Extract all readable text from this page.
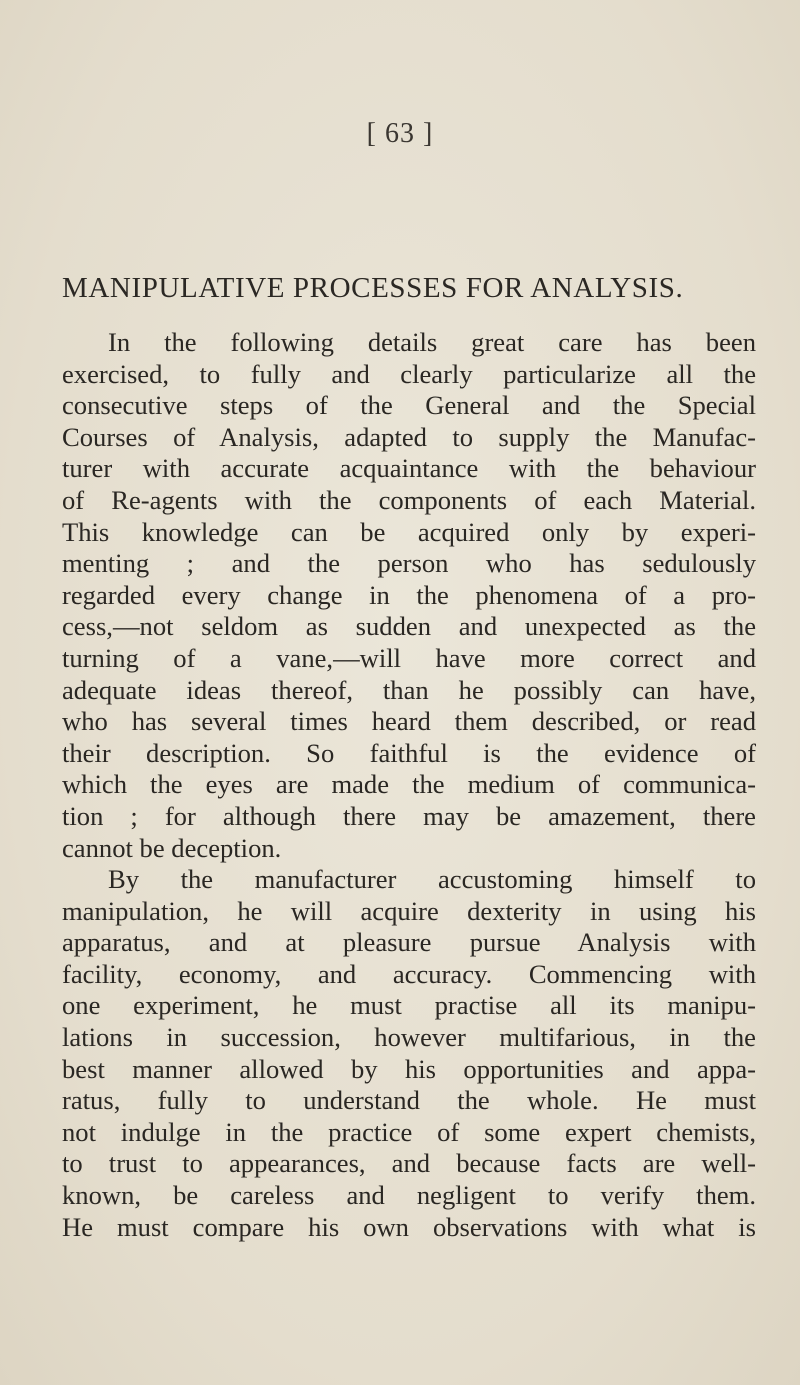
[ 63 ]
MANIPULATIVE PROCESSES FOR ANALYSIS.
In the following details great care has been
exercised, to fully and clearly particularize all the
consecutive steps of the General and the Special
Courses of Analysis, adapted to supply the Manufac-
turer with accurate acquaintance with the behaviour
of Re-agents with the components of each Material.
This knowledge can be acquired only by experi-
menting ; and the person who has sedulously
regarded every change in the phenomena of a pro-
cess,—not seldom as sudden and unexpected as the
turning of a vane,—will have more correct and
adequate ideas thereof, than he possibly can have,
who has several times heard them described, or read
their description. So faithful is the evidence of
which the eyes are made the medium of communica-
tion ; for although there may be amazement, there
cannot be deception.
By the manufacturer accustoming himself to
manipulation, he will acquire dexterity in using his
apparatus, and at pleasure pursue Analysis with
facility, economy, and accuracy. Commencing with
one experiment, he must practise all its manipu-
lations in succession, however multifarious, in the
best manner allowed by his opportunities and appa-
ratus, fully to understand the whole. He must
not indulge in the practice of some expert chemists,
to trust to appearances, and because facts are well-
known, be careless and negligent to verify them.
He must compare his own observations with what is
